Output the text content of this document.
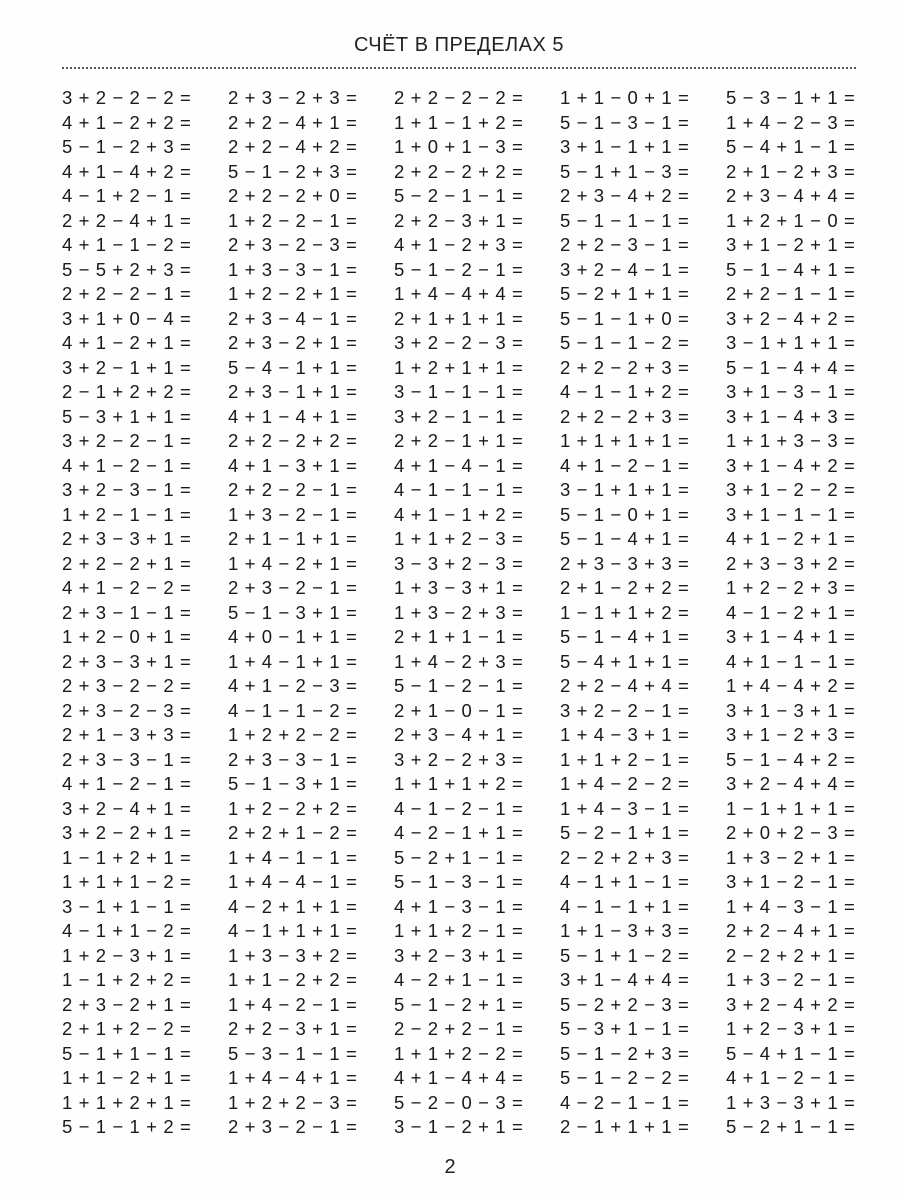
СЧЁТ В ПРЕДЕЛАХ 5
3 + 2 − 2 − 2 =	2 + 3 − 2 + 3 =	2 + 2 − 2 − 2 =	1 + 1 − 0 + 1 =	5 − 3 − 1 + 1 =
4 + 1 − 2 + 2 =	2 + 2 − 4 + 1 =	1 + 1 − 1 + 2 =	5 − 1 − 3 − 1 =	1 + 4 − 2 − 3 =
5 − 1 − 2 + 3 =	2 + 2 − 4 + 2 =	1 + 0 + 1 − 3 =	3 + 1 − 1 + 1 =	5 − 4 + 1 − 1 =
4 + 1 − 4 + 2 =	5 − 1 − 2 + 3 =	2 + 2 − 2 + 2 =	5 − 1 + 1 − 3 =	2 + 1 − 2 + 3 =
4 − 1 + 2 − 1 =	2 + 2 − 2 + 0 =	5 − 2 − 1 − 1 =	2 + 3 − 4 + 2 =	2 + 3 − 4 + 4 =
2 + 2 − 4 + 1 =	1 + 2 − 2 − 1 =	2 + 2 − 3 + 1 =	5 − 1 − 1 − 1 =	1 + 2 + 1 − 0 =
4 + 1 − 1 − 2 =	2 + 3 − 2 − 3 =	4 + 1 − 2 + 3 =	2 + 2 − 3 − 1 =	3 + 1 − 2 + 1 =
5 − 5 + 2 + 3 =	1 + 3 − 3 − 1 =	5 − 1 − 2 − 1 =	3 + 2 − 4 − 1 =	5 − 1 − 4 + 1 =
2 + 2 − 2 − 1 =	1 + 2 − 2 + 1 =	1 + 4 − 4 + 4 =	5 − 2 + 1 + 1 =	2 + 2 − 1 − 1 =
3 + 1 + 0 − 4 =	2 + 3 − 4 − 1 =	2 + 1 + 1 + 1 =	5 − 1 − 1 + 0 =	3 + 2 − 4 + 2 =
4 + 1 − 2 + 1 =	2 + 3 − 2 + 1 =	3 + 2 − 2 − 3 =	5 − 1 − 1 − 2 =	3 − 1 + 1 + 1 =
3 + 2 − 1 + 1 =	5 − 4 − 1 + 1 =	1 + 2 + 1 + 1 =	2 + 2 − 2 + 3 =	5 − 1 − 4 + 4 =
2 − 1 + 2 + 2 =	2 + 3 − 1 + 1 =	3 − 1 − 1 − 1 =	4 − 1 − 1 + 2 =	3 + 1 − 3 − 1 =
5 − 3 + 1 + 1 =	4 + 1 − 4 + 1 =	3 + 2 − 1 − 1 =	2 + 2 − 2 + 3 =	3 + 1 − 4 + 3 =
3 + 2 − 2 − 1 =	2 + 2 − 2 + 2 =	2 + 2 − 1 + 1 =	1 + 1 + 1 + 1 =	1 + 1 + 3 − 3 =
4 + 1 − 2 − 1 =	4 + 1 − 3 + 1 =	4 + 1 − 4 − 1 =	4 + 1 − 2 − 1 =	3 + 1 − 4 + 2 =
3 + 2 − 3 − 1 =	2 + 2 − 2 − 1 =	4 − 1 − 1 − 1 =	3 − 1 + 1 + 1 =	3 + 1 − 2 − 2 =
1 + 2 − 1 − 1 =	1 + 3 − 2 − 1 =	4 + 1 − 1 + 2 =	5 − 1 − 0 + 1 =	3 + 1 − 1 − 1 =
2 + 3 − 3 + 1 =	2 + 1 − 1 + 1 =	1 + 1 + 2 − 3 =	5 − 1 − 4 + 1 =	4 + 1 − 2 + 1 =
2 + 2 − 2 + 1 =	1 + 4 − 2 + 1 =	3 − 3 + 2 − 3 =	2 + 3 − 3 + 3 =	2 + 3 − 3 + 2 =
4 + 1 − 2 − 2 =	2 + 3 − 2 − 1 =	1 + 3 − 3 + 1 =	2 + 1 − 2 + 2 =	1 + 2 − 2 + 3 =
2 + 3 − 1 − 1 =	5 − 1 − 3 + 1 =	1 + 3 − 2 + 3 =	1 − 1 + 1 + 2 =	4 − 1 − 2 + 1 =
1 + 2 − 0 + 1 =	4 + 0 − 1 + 1 =	2 + 1 + 1 − 1 =	5 − 1 − 4 + 1 =	3 + 1 − 4 + 1 =
2 + 3 − 3 + 1 =	1 + 4 − 1 + 1 =	1 + 4 − 2 + 3 =	5 − 4 + 1 + 1 =	4 + 1 − 1 − 1 =
2 + 3 − 2 − 2 =	4 + 1 − 2 − 3 =	5 − 1 − 2 − 1 =	2 + 2 − 4 + 4 =	1 + 4 − 4 + 2 =
2 + 3 − 2 − 3 =	4 − 1 − 1 − 2 =	2 + 1 − 0 − 1 =	3 + 2 − 2 − 1 =	3 + 1 − 3 + 1 =
2 + 1 − 3 + 3 =	1 + 2 + 2 − 2 =	2 + 3 − 4 + 1 =	1 + 4 − 3 + 1 =	3 + 1 − 2 + 3 =
2 + 3 − 3 − 1 =	2 + 3 − 3 − 1 =	3 + 2 − 2 + 3 =	1 + 1 + 2 − 1 =	5 − 1 − 4 + 2 =
4 + 1 − 2 − 1 =	5 − 1 − 3 + 1 =	1 + 1 + 1 + 2 =	1 + 4 − 2 − 2 =	3 + 2 − 4 + 4 =
3 + 2 − 4 + 1 =	1 + 2 − 2 + 2 =	4 − 1 − 2 − 1 =	1 + 4 − 3 − 1 =	1 − 1 + 1 + 1 =
3 + 2 − 2 + 1 =	2 + 2 + 1 − 2 =	4 − 2 − 1 + 1 =	5 − 2 − 1 + 1 =	2 + 0 + 2 − 3 =
1 − 1 + 2 + 1 =	1 + 4 − 1 − 1 =	5 − 2 + 1 − 1 =	2 − 2 + 2 + 3 =	1 + 3 − 2 + 1 =
1 + 1 + 1 − 2 =	1 + 4 − 4 − 1 =	5 − 1 − 3 − 1 =	4 − 1 + 1 − 1 =	3 + 1 − 2 − 1 =
3 − 1 + 1 − 1 =	4 − 2 + 1 + 1 =	4 + 1 − 3 − 1 =	4 − 1 − 1 + 1 =	1 + 4 − 3 − 1 =
4 − 1 + 1 − 2 =	4 − 1 + 1 + 1 =	1 + 1 + 2 − 1 =	1 + 1 − 3 + 3 =	2 + 2 − 4 + 1 =
1 + 2 − 3 + 1 =	1 + 3 − 3 + 2 =	3 + 2 − 3 + 1 =	5 − 1 + 1 − 2 =	2 − 2 + 2 + 1 =
1 − 1 + 2 + 2 =	1 + 1 − 2 + 2 =	4 − 2 + 1 − 1 =	3 + 1 − 4 + 4 =	1 + 3 − 2 − 1 =
2 + 3 − 2 + 1 =	1 + 4 − 2 − 1 =	5 − 1 − 2 + 1 =	5 − 2 + 2 − 3 =	3 + 2 − 4 + 2 =
2 + 1 + 2 − 2 =	2 + 2 − 3 + 1 =	2 − 2 + 2 − 1 =	5 − 3 + 1 − 1 =	1 + 2 − 3 + 1 =
5 − 1 + 1 − 1 =	5 − 3 − 1 − 1 =	1 + 1 + 2 − 2 =	5 − 1 − 2 + 3 =	5 − 4 + 1 − 1 =
1 + 1 − 2 + 1 =	1 + 4 − 4 + 1 =	4 + 1 − 4 + 4 =	5 − 1 − 2 − 2 =	4 + 1 − 2 − 1 =
1 + 1 + 2 + 1 =	1 + 2 + 2 − 3 =	5 − 2 − 0 − 3 =	4 − 2 − 1 − 1 =	1 + 3 − 3 + 1 =
5 − 1 − 1 + 2 =	2 + 3 − 2 − 1 =	3 − 1 − 2 + 1 =	2 − 1 + 1 + 1 =	5 − 2 + 1 − 1 =
2
